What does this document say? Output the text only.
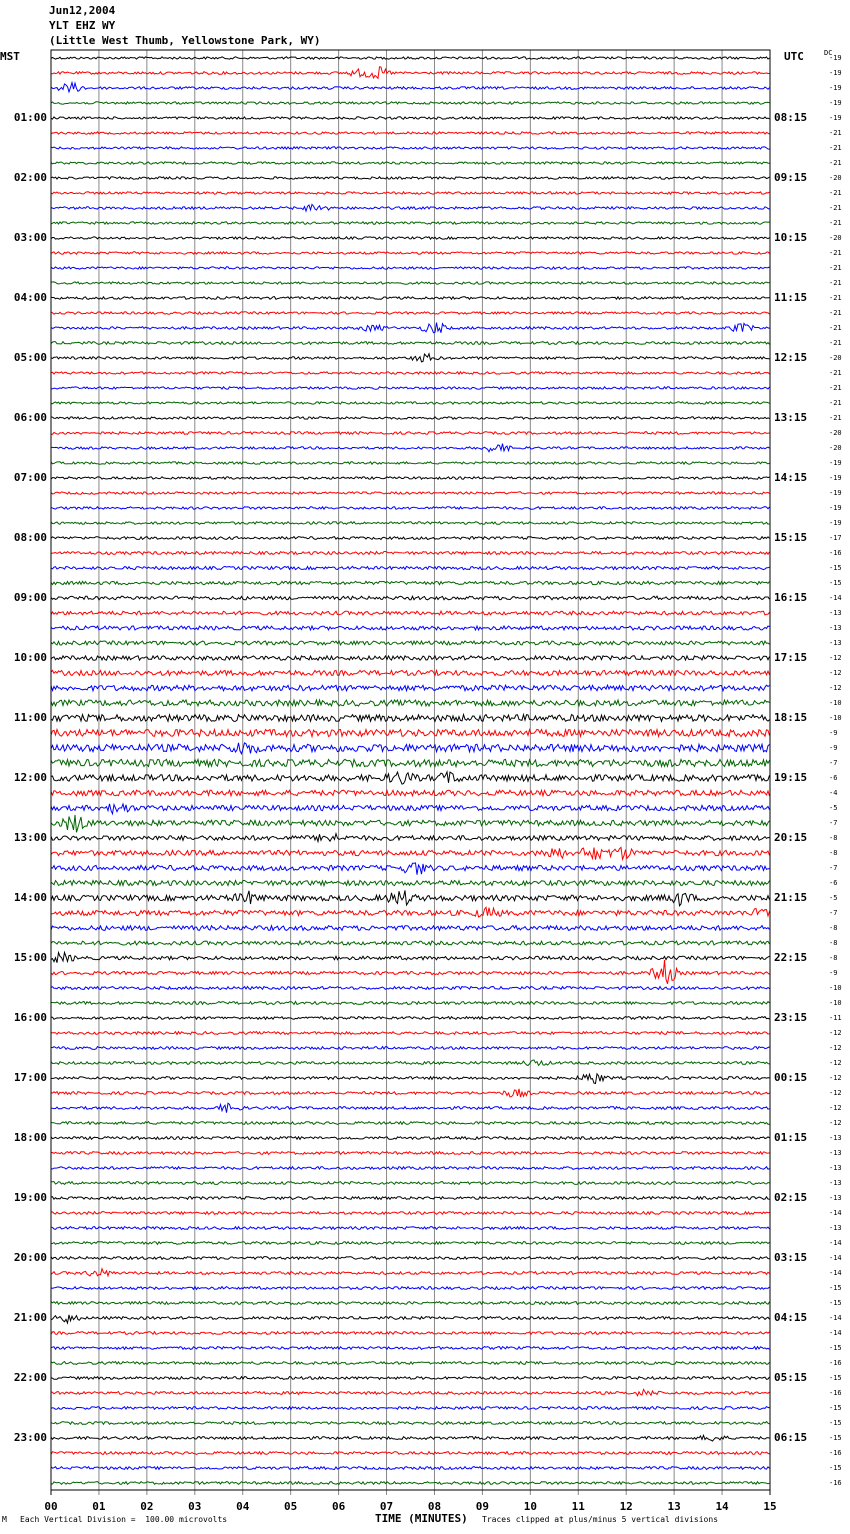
Jun12,2004
YLT EHZ WY
(Little West Thumb, Yellowstone Park, WY)
MST	UTC	DC
01:00
02:00
03:00
04:00
05:00
06:00
07:00
08:00
09:00
10:00
11:00
12:00
13:00
14:00
15:00
16:00
17:00
18:00
19:00
20:00
21:00
22:00
23:00
08:15
09:15
10:15
11:15
12:15
13:15
14:15
15:15
16:15
17:15
18:15
19:15
20:15
21:15
22:15
23:15
00:15
01:15
02:15
03:15
04:15
05:15
06:15
-19
-19
-19
-19
-19
-21
-21
-21
-20
-21
-21
-21
-20
-21
-21
-21
-21
-21
-21
-21
-20
-21
-21
-21
-21
-20
-20
-19
-19
-19
-19
-19
-17
-16
-15
-15
-14
-13
-13
-13
-12
-12
-12
-10
-10
-9
-9
-7
-6
-4
-5
-7
-8
-8
-7
-6
-5
-7
-8
-8
-8
-9
-10
-10
-11
-12
-12
-12
-12
-12
-12
-12
-13
-13
-13
-13
-13
-14
-13
-14
-14
-14
-15
-15
-14
-14
-15
-16
-15
-16
-15
-15
-15
-16
-15
-16
00	01	02	03	04	05	06	07	08	09	10	11	12	13	14	15
M Each Vertical Division =  100.00 microvolts	TIME (MINUTES) Traces clipped at plus/minus 5 vertical divisions
